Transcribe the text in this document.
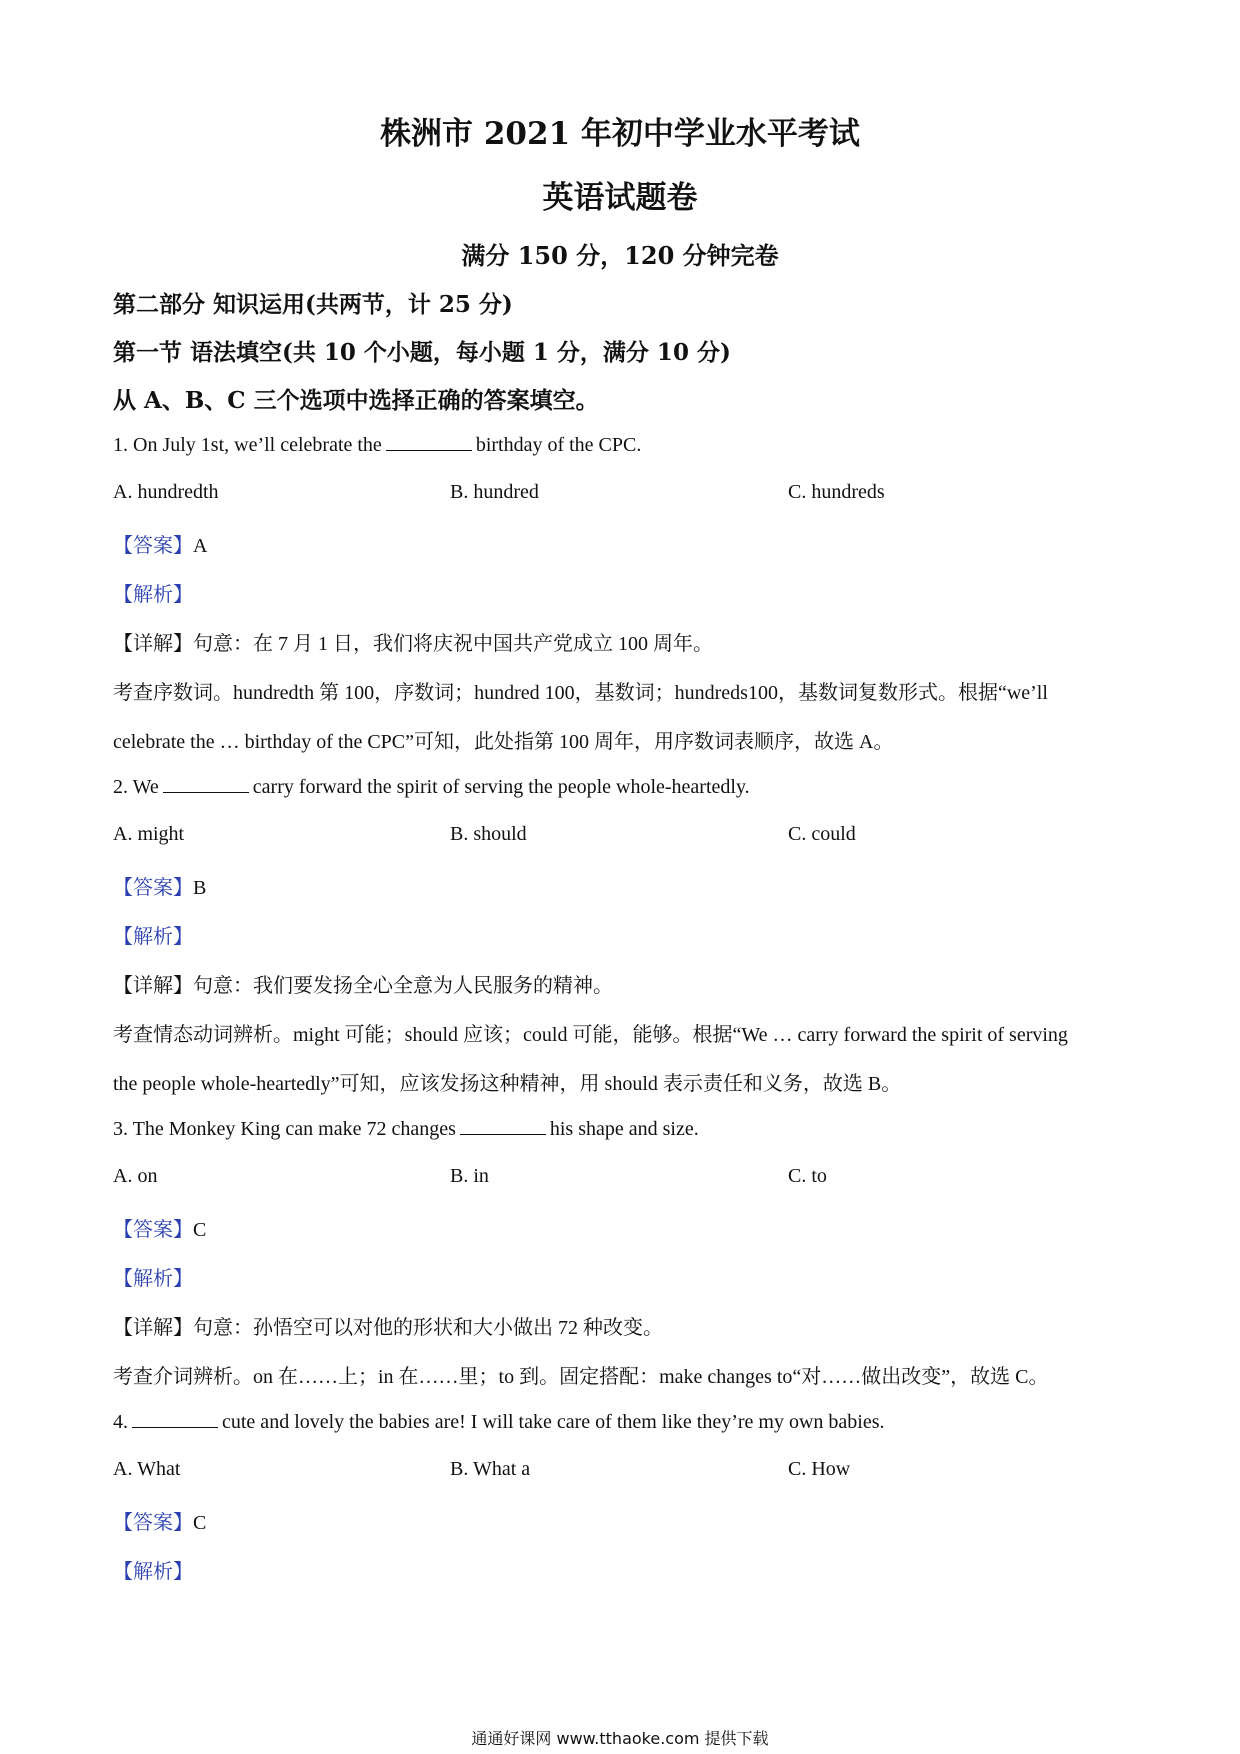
株洲市 2021 年初中学业水平考试
英语试题卷
满分 150 分，120 分钟完卷
第二部分 知识运用(共两节，计 25 分)
第一节 语法填空(共 10 个小题，每小题 1 分，满分 10 分)
从 A、B、C 三个选项中选择正确的答案填空。
1. On July 1st, we’ll celebrate the	birthday of the CPC.
A. hundredth	B. hundred	C. hundreds
【答案】A
【解析】
【详解】句意：在 7 月 1 日，我们将庆祝中国共产党成立 100 周年。
考查序数词。hundredth 第 100，序数词；hundred 100，基数词；hundreds100，基数词复数形式。根据“we’ll
celebrate the … birthday of the CPC”可知，此处指第 100 周年，用序数词表顺序，故选 A。
2. We	carry forward the spirit of serving the people whole-heartedly.
A. might	B. should	C. could
【答案】B
【解析】
【详解】句意：我们要发扬全心全意为人民服务的精神。
考查情态动词辨析。might 可能；should 应该；could 可能，能够。根据“We … carry forward the spirit of serving
the people whole-heartedly”可知，应该发扬这种精神，用 should 表示责任和义务，故选 B。
3. The Monkey King can make 72 changes	his shape and size.
A. on	B. in	C. to
【答案】C
【解析】
【详解】句意：孙悟空可以对他的形状和大小做出 72 种改变。
考查介词辨析。on 在……上；in 在……里；to 到。固定搭配：make changes to“对……做出改变”，故选 C。
4.	cute and lovely the babies are! I will take care of them like they’re my own babies.
A. What	B. What a	C. How
【答案】C
【解析】
通通好课网 www.tthaoke.com 提供下载
